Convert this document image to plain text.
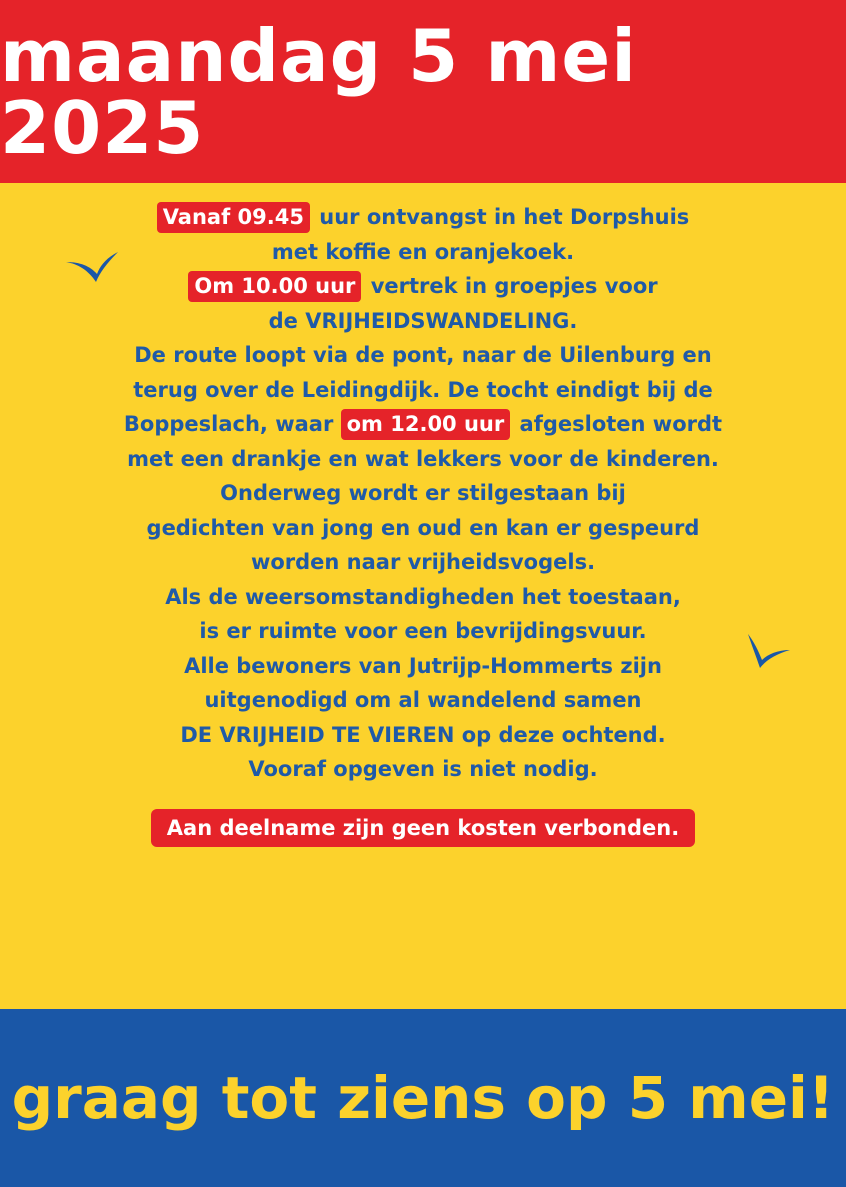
maandag 5 mei 2025

Vanaf 09.45 uur ontvangst in het Dorpshuis
met koffie en oranjekoek.

Om 10.00 uur vertrek in groepjes voor
de VRIJHEIDSWANDELING.
De route loopt via de pont, naar de Uilenburg en
terug over de Leidingdijk. De tocht eindigt bij de
Boppeslach, waar om 12.00 uur afgesloten wordt
met een drankje en wat lekkers voor de kinderen.

Onderweg wordt er stilgestaan bij
gedichten van jong en oud en kan er gespeurd
worden naar vrijheidsvogels.

Als de weersomstandigheden het toestaan,
is er ruimte voor een bevrijdingsvuur.

Alle bewoners van Jutrijp-Hommerts zijn
uitgenodigd om al wandelend samen
DE VRIJHEID TE VIEREN op deze ochtend.
Vooraf opgeven is niet nodig.

Aan deelname zijn geen kosten verbonden.
graag tot ziens op 5 mei!
